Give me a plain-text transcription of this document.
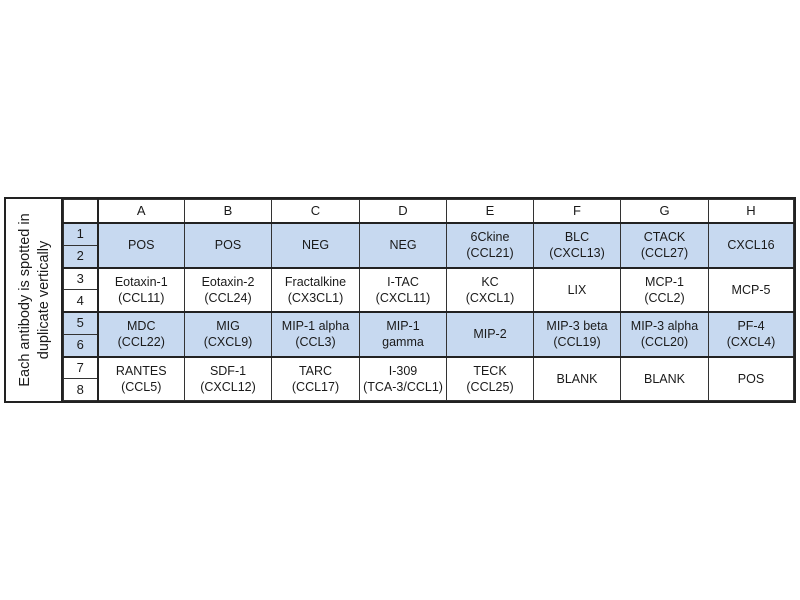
Each antibody is spotted in duplicate vertically
	A	B	C	D	E	F	G	H
1	POS	POS	NEG	NEG	6Ckine
(CCL21)	BLC
(CXCL13)	CTACK
(CCL27)	CXCL16

2								
3	Eotaxin-1
(CCL11)	Eotaxin-2
(CCL24)	Fractalkine
(CX3CL1)	I-TAC
(CXCL11)	KC
(CXCL1)	LIX	MCP-1
(CCL2)	MCP-5

4								
5	MDC
(CCL22)	MIG
(CXCL9)	MIP-1 alpha
(CCL3)	MIP-1
gamma	MIP-2	MIP-3 beta
(CCL19)	MIP-3 alpha
(CCL20)	PF-4
(CXCL4)

6								
7	RANTES
(CCL5)	SDF-1
(CXCL12)	TARC
(CCL17)	I-309
(TCA-3/CCL1)	TECK
(CCL25)	BLANK	BLANK	POS

8								
